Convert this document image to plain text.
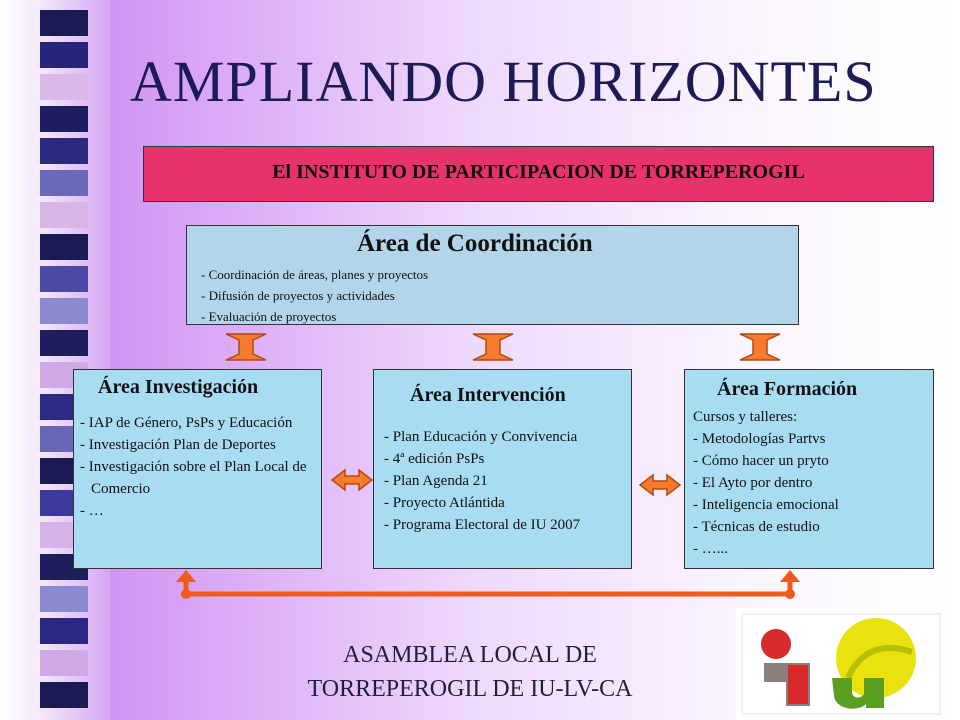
AMPLIANDO HORIZONTES
El INSTITUTO DE PARTICIPACION DE TORREPEROGIL
Área de Coordinación
- Coordinación de áreas, planes y proyectos
- Difusión de proyectos y actividades
- Evaluación de proyectos
Área Investigación
- IAP de Género, PsPs y Educación
- Investigación Plan de Deportes
- Investigación sobre el Plan Local de Comercio
- …
Área Intervención
- Plan Educación y Convivencia
- 4ª edición PsPs
- Plan Agenda 21
- Proyecto Atlántida
- Programa Electoral de IU 2007
Área Formación
Cursos y talleres:
- Metodologías Partvs
- Cómo hacer un pryto
- El Ayto por dentro
- Inteligencia emocional
- Técnicas de estudio
- …...
ASAMBLEA LOCAL DE
TORREPEROGIL DE IU-LV-CA
